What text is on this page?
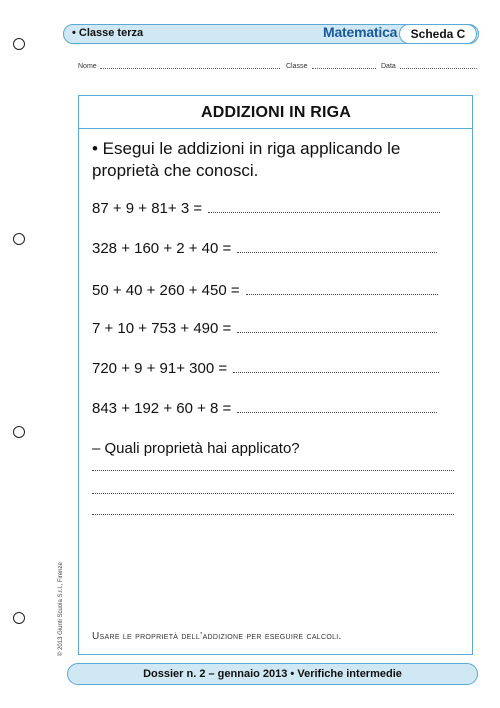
• Classe terza	Matematica	Scheda C
Nome	Classe	Data
ADDIZIONI IN RIGA
• Esegui le addizioni in riga applicando le proprietà che conosci.
87 + 9 + 81+ 3 =
328 + 160 + 2 + 40 =
50 + 40 + 260 + 450 =
7 + 10 + 753 + 490 =
720 + 9 + 91+ 300 =
843 + 192 + 60 + 8 =
– Quali proprietà hai applicato?
Usare le proprietà dell’addizione per eseguire calcoli.
© 2013 Giunti Scuola S.r.l., Firenze
Dossier n. 2 – gennaio 2013 • Verifiche intermedie
